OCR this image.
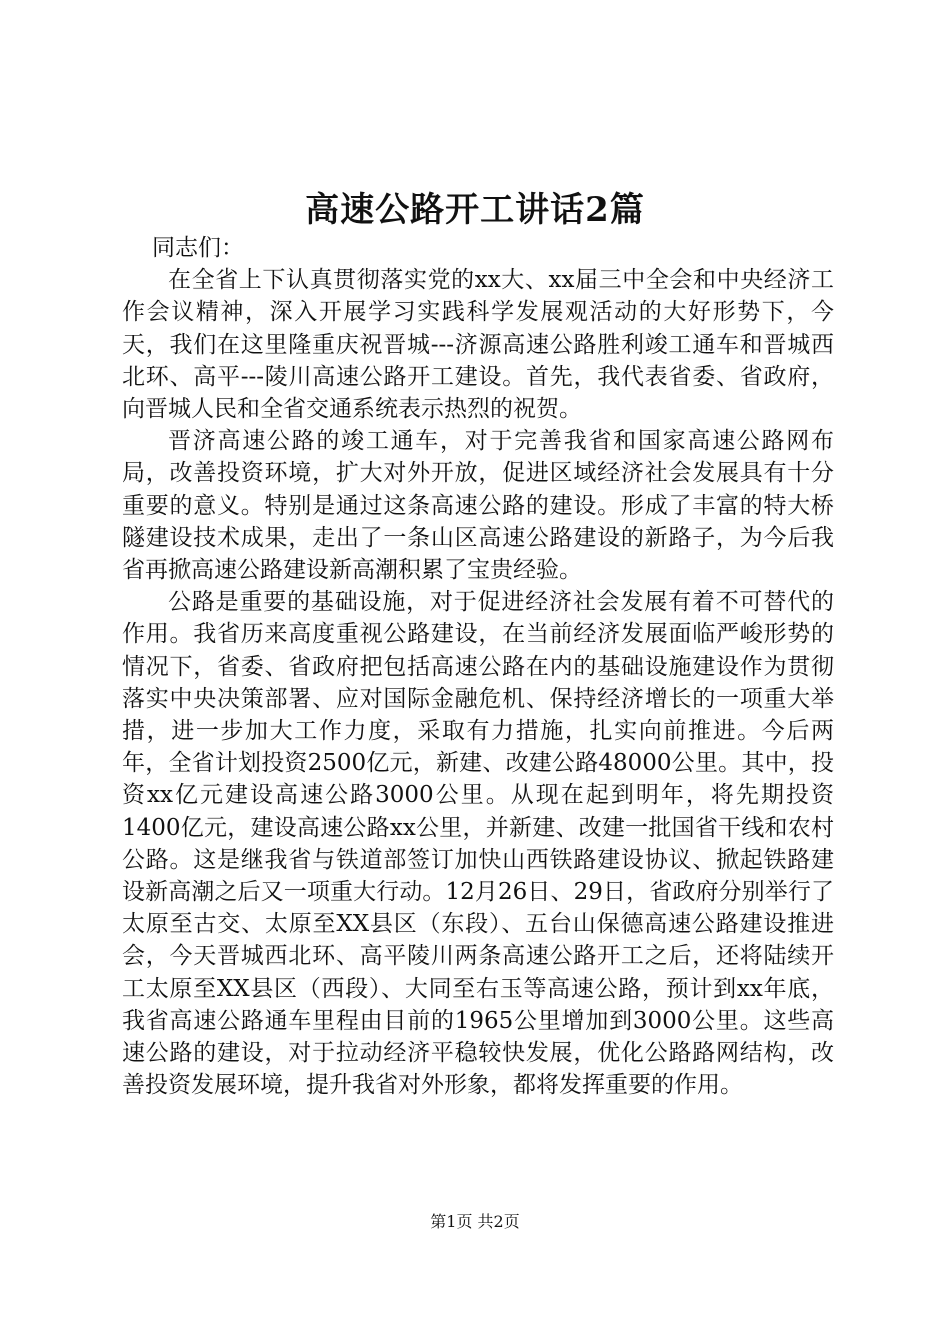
高速公路开工讲话2篇

同志们：

在全省上下认真贯彻落实党的xx大、xx届三中全会和中央经济工作会议精神，深入开展学习实践科学发展观活动的大好形势下，今天，我们在这里隆重庆祝晋城---济源高速公路胜利竣工通车和晋城西北环、高平---陵川高速公路开工建设。首先，我代表省委、省政府，向晋城人民和全省交通系统表示热烈的祝贺。

晋济高速公路的竣工通车，对于完善我省和国家高速公路网布局，改善投资环境，扩大对外开放，促进区域经济社会发展具有十分重要的意义。特别是通过这条高速公路的建设。形成了丰富的特大桥隧建设技术成果，走出了一条山区高速公路建设的新路子，为今后我省再掀高速公路建设新高潮积累了宝贵经验。

公路是重要的基础设施，对于促进经济社会发展有着不可替代的作用。我省历来高度重视公路建设，在当前经济发展面临严峻形势的情况下，省委、省政府把包括高速公路在内的基础设施建设作为贯彻落实中央决策部署、应对国际金融危机、保持经济增长的一项重大举措，进一步加大工作力度，采取有力措施，扎实向前推进。今后两年，全省计划投资2500亿元，新建、改建公路48000公里。其中，投资xx亿元建设高速公路3000公里。从现在起到明年，将先期投资1400亿元，建设高速公路xx公里，并新建、改建一批国省干线和农村公路。这是继我省与铁道部签订加快山西铁路建设协议、掀起铁路建设新高潮之后又一项重大行动。12月26日、29日，省政府分别举行了太原至古交、太原至XX县区（东段）、五台山保德高速公路建设推进会，今天晋城西北环、高平陵川两条高速公路开工之后，还将陆续开工太原至XX县区（西段）、大同至右玉等高速公路，预计到xx年底，我省高速公路通车里程由目前的1965公里增加到3000公里。这些高速公路的建设，对于拉动经济平稳较快发展，优化公路路网结构，改善投资发展环境，提升我省对外形象，都将发挥重要的作用。

第1页 共2页
